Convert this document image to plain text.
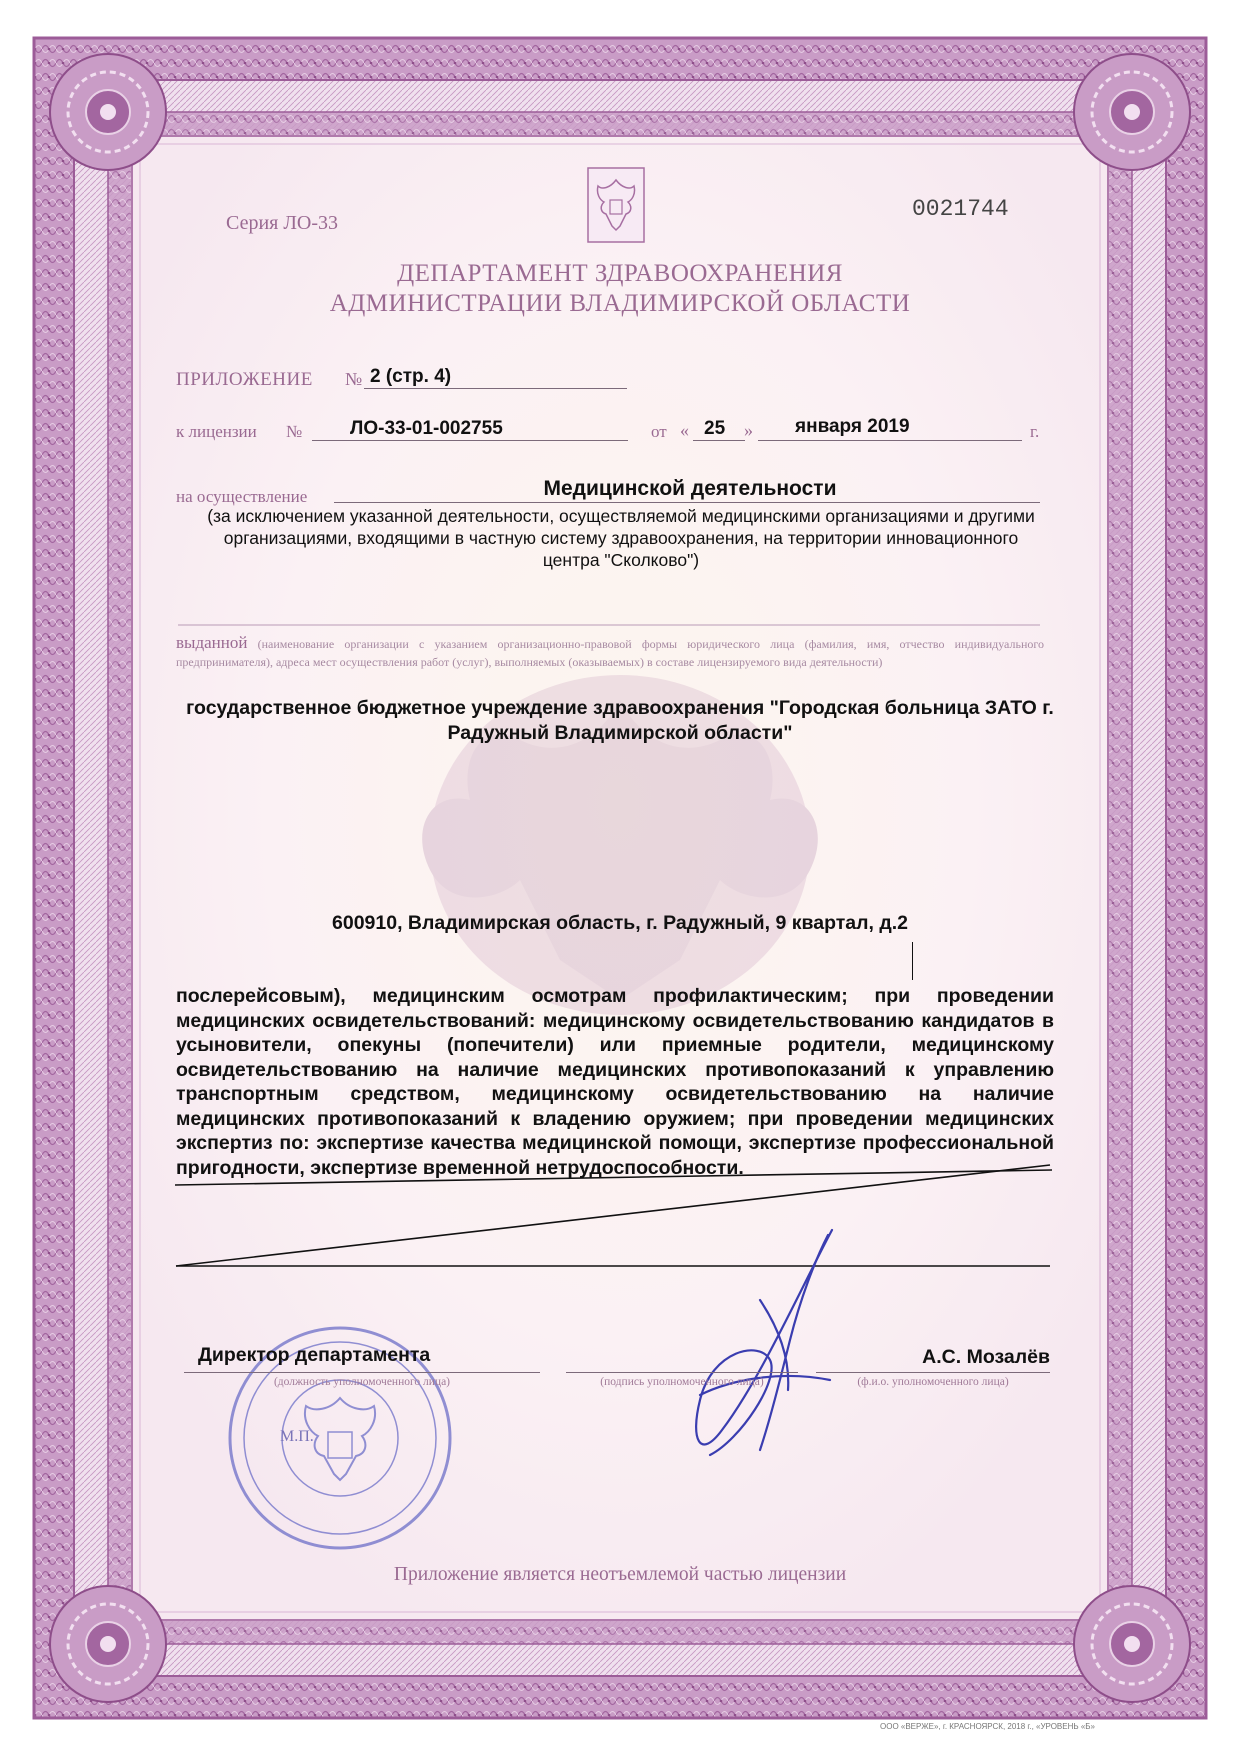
Серия ЛО-33
0021744
ДЕПАРТАМЕНТ ЗДРАВООХРАНЕНИЯ
АДМИНИСТРАЦИИ ВЛАДИМИРСКОЙ ОБЛАСТИ
ПРИЛОЖЕНИЕ № 2 (стр. 4)
к лицензии №	ЛО-33-01-002755	от « 25 » января 2019	г.
на осуществление	Медицинской деятельности
(за исключением указанной деятельности, осуществляемой медицинскими организациями и другими организациями, входящими в частную систему здравоохранения, на территории инновационного центра "Сколково")
выданной (наименование организации с указанием организационно-правовой формы юридического лица (фамилия, имя, отчество индивидуального предпринимателя), адреса мест осуществления работ (услуг), выполняемых (оказываемых) в составе лицензируемого вида деятельности)
государственное бюджетное учреждение здравоохранения "Городская больница ЗАТО г. Радужный Владимирской области"
600910, Владимирская область, г. Радужный, 9 квартал, д.2
послерейсовым), медицинским осмотрам профилактическим; при проведении медицинских освидетельствований: медицинскому освидетельствованию кандидатов в усыновители, опекуны (попечители) или приемные родители, медицинскому освидетельствованию на наличие медицинских противопоказаний к управлению транспортным средством, медицинскому освидетельствованию на наличие медицинских противопоказаний к владению оружием; при проведении медицинских экспертиз по: экспертизе качества медицинской помощи, экспертизе профессиональной пригодности, экспертизе временной нетрудоспособности.
Директор департамента
(должность уполномоченного лица)	(подпись уполномоченного лица)
А.С. Мозалёв
(ф.и.о. уполномоченного лица)
М.П.
Приложение является неотъемлемой частью лицензии
ООО «ВЕРЖЕ», г. КРАСНОЯРСК, 2018 г., «УРОВЕНЬ «Б»
